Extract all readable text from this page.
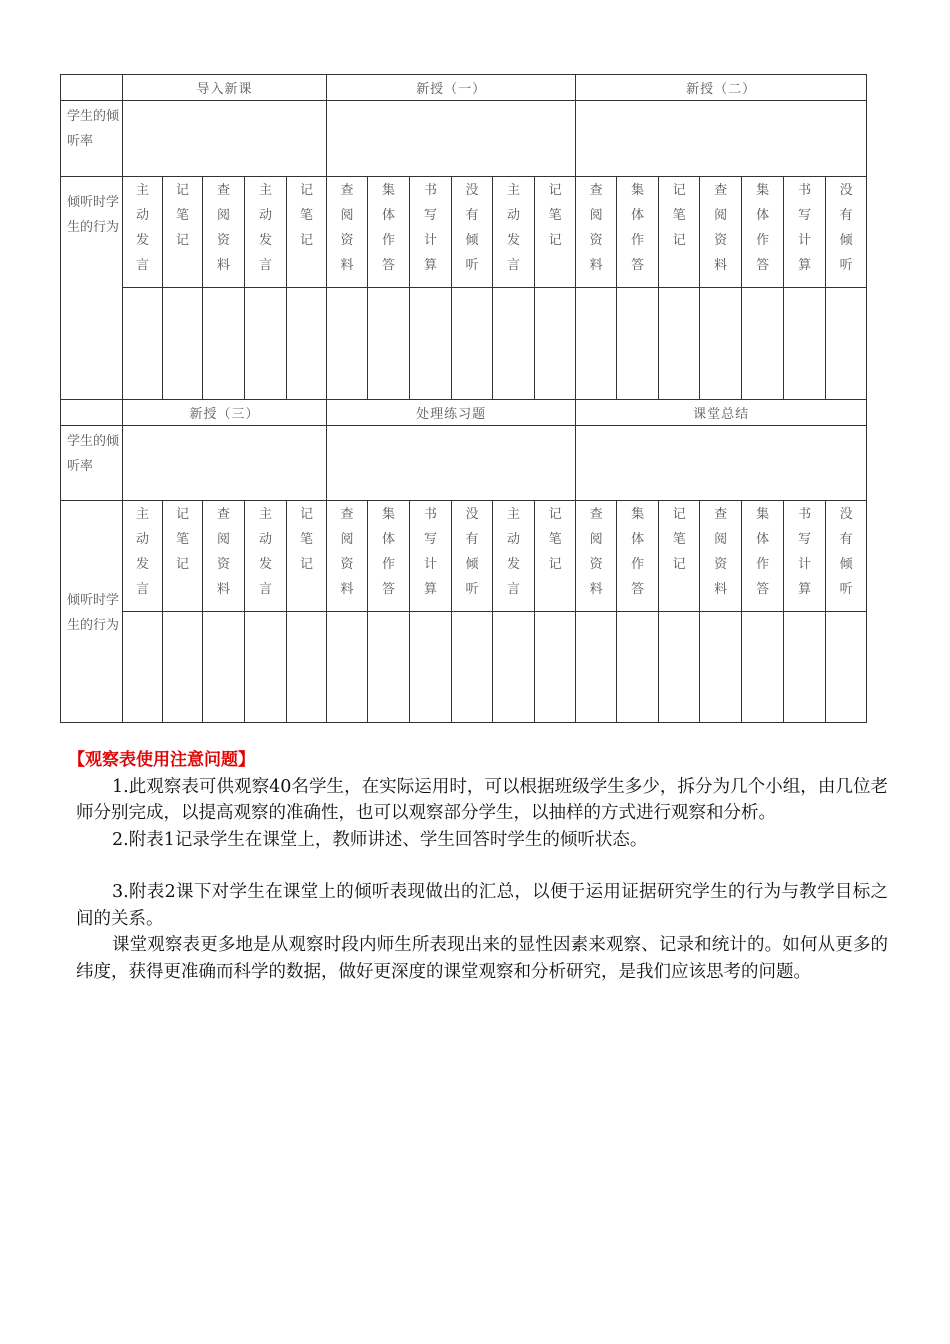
	导入新课					新授（一）						新授（二）						
学生的倾听率																		
倾听时学生的行为	主动发言	记笔记	查阅资料	主动发言	记笔记	查阅资料	集体作答	书写计算	没有倾听	主动发言	记笔记	查阅资料	集体作答	记笔记	查阅资料	集体作答	书写计算	没有倾听

	新授（三）					处理练习题						课堂总结						
学生的倾听率																		
倾听时学生的行为	主动发言	记笔记	查阅资料	主动发言	记笔记	查阅资料	集体作答	书写计算	没有倾听	主动发言	记笔记	查阅资料	集体作答	记笔记	查阅资料	集体作答	书写计算	没有倾听

【观察表使用注意问题】

1.此观察表可供观察40名学生，在实际运用时，可以根据班级学生多少，拆分为几个小组，由几位老师分别完成，以提高观察的准确性，也可以观察部分学生，以抽样的方式进行观察和分析。

2.附表1记录学生在课堂上，教师讲述、学生回答时学生的倾听状态。

3.附表2课下对学生在课堂上的倾听表现做出的汇总，以便于运用证据研究学生的行为与教学目标之间的关系。

课堂观察表更多地是从观察时段内师生所表现出来的显性因素来观察、记录和统计的。如何从更多的纬度，获得更准确而科学的数据，做好更深度的课堂观察和分析研究，是我们应该思考的问题。
